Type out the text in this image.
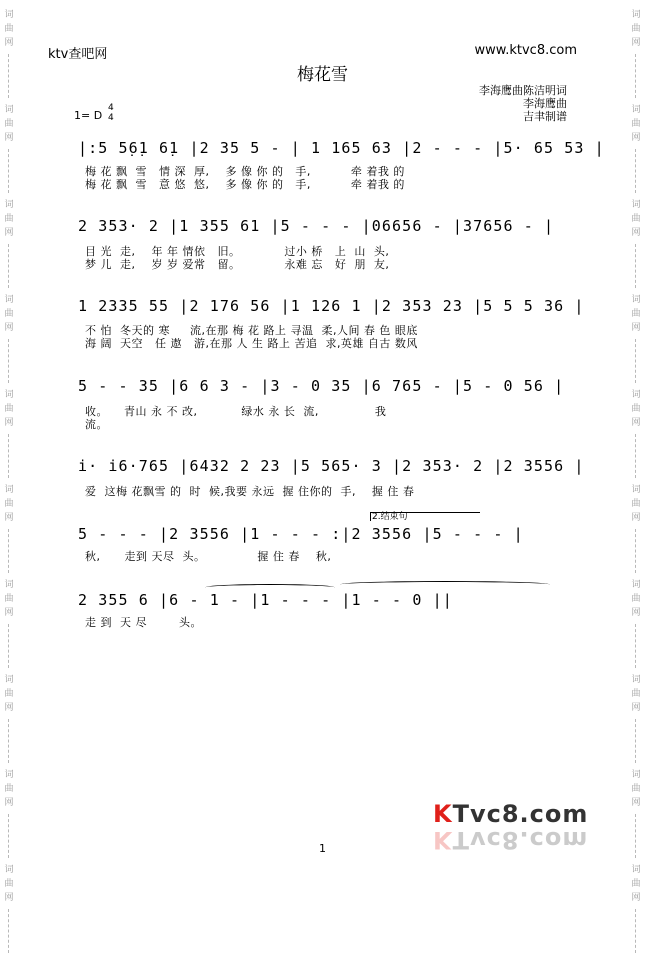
词
曲
网
词
曲
网
词
曲
网
词
曲
网
词
曲
网
词
曲
网
词
曲
网
词
曲
网
词
曲
网
词
曲
网
词
曲
网
词
曲
网
词
曲
网
词
曲
网
词
曲
网
词
曲
网
词
曲
网
词
曲
网
词
曲
网
词
曲
网
ktv查吧网	www.ktvc8.com
梅花雪
李海鹰曲陈洁明词
李海鹰曲
吉聿制谱
1= D
4
4
|:5 5̣6̣1 6̣1 |2 35 5 - | 1 165 63 |2 - - - |5· 65 53 |
梅 花 飘  雪   情 深  厚,    多 像 你 的   手,          牵 着我 的
梅 花 飘  雪   意 悠  悠,    多 像 你 的   手,          牵 着我 的
2 353· 2 |1 355 61 |5 - - - |06656 - |37656 - |
目 光  走,    年 年 情依   旧。           过小 桥   上  山  头,
梦 儿  走,    岁 岁 爱常   留。           永难 忘   好  朋  友,
1 2335 55 |2 176 56 |1 126 1 |2 353 23 |5 5 5 36 |
不 怕  冬天的 寒     流,在那 梅 花 路上 寻温  柔,人间 春 色 眼底
海 阔  天空   任 遨   游,在那 人 生 路上 苦追  求,英雄 自古 数风
5 - - 35 |6 6 3 - |3 - 0 35 |6 765 - |5 - 0 56 |
收。    青山 永 不 改,           绿水 永 长  流,              我
流。
i· i6·765 |6432 2 23 |5 565· 3 |2 353· 2 |2 3556 |
爱  这梅 花飘雪 的  时  候,我要 永远  握 住你的  手,    握 住 春
2.结束句
5 - - - |2 3556 |1 - - - :|2 3556 |5 - - - |
秋,      走到 天尽  头。             握 住 春    秋,
2 355 6 |6 - 1 - |1 - - - |1 - - 0 ||
走 到  天 尽        头。
1
KTvc8.com
KTvc8.com
